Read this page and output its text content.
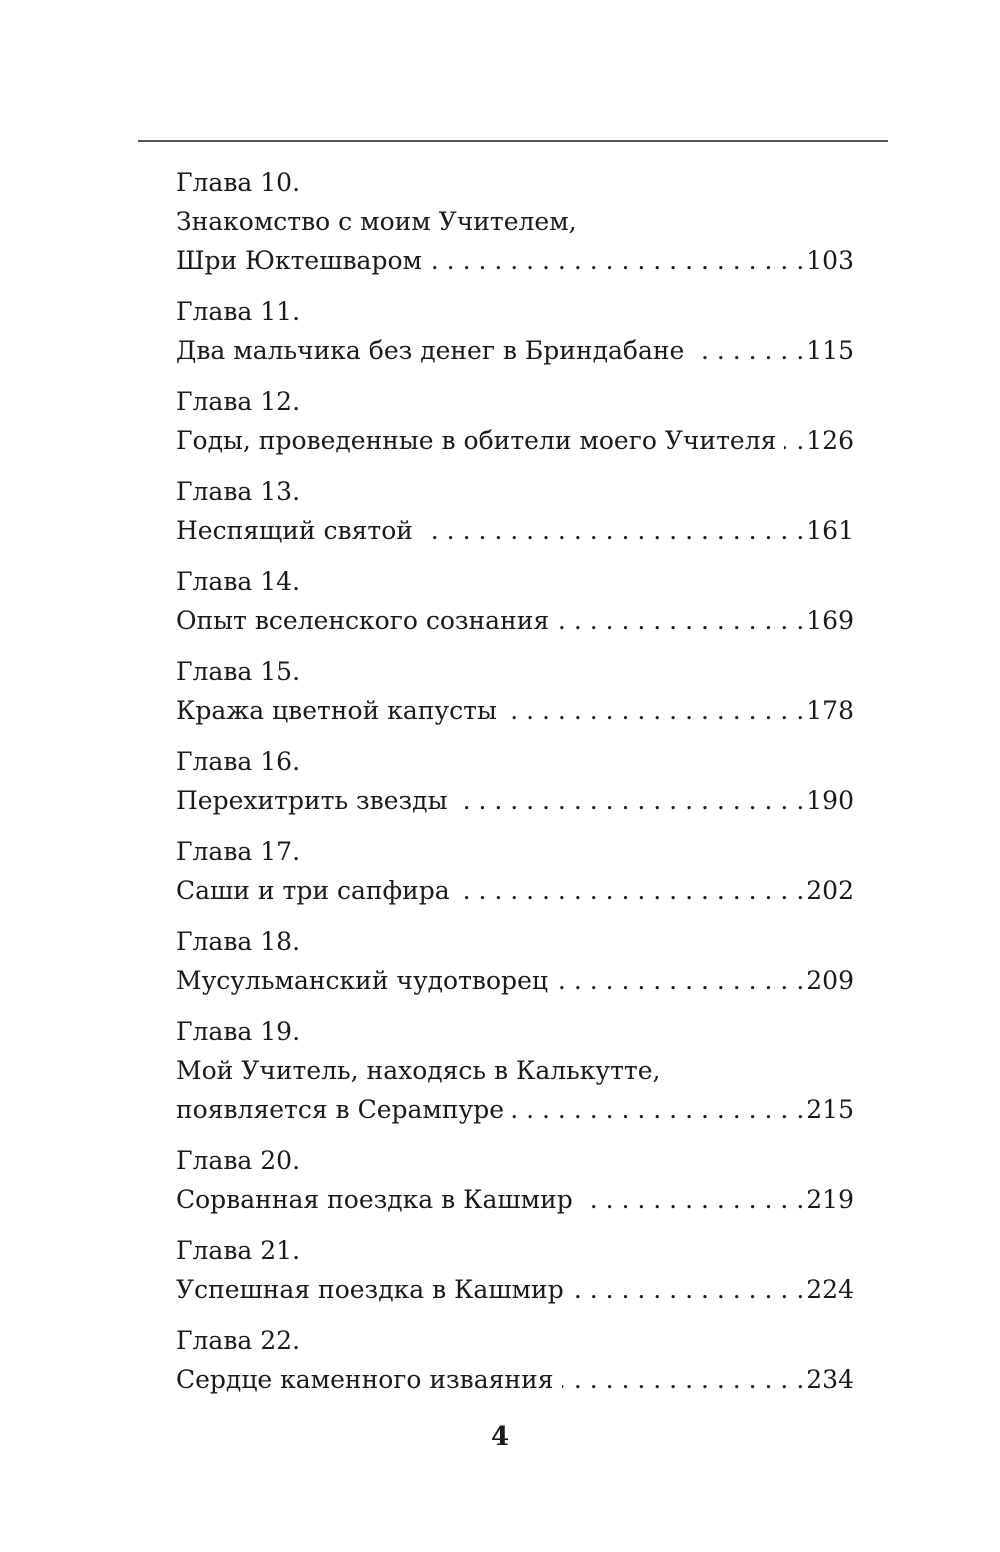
Глава 10.
Знакомство с моим Учителем,
Шри Юктешваром . . .	103
Глава 11.
Два мальчика без денег в Бриндабане . . .	115
Глава 12.
Годы, проведенные в обители моего Учителя . . . 126
Глава 13.
Неспящий святой . . .	161
Глава 14.
Опыт вселенского сознания . . .	169
Глава 15.
Кража цветной капусты . . .	178
Глава 16.
Перехитрить звезды . . .	190
Глава 17.
Саши и три сапфира . . .	202
Глава 18.
Мусульманский чудотворец . . .	209
Глава 19.
Мой Учитель, находясь в Калькутте,
появляется в Серампуре . . .	215
Глава 20.
Сорванная поездка в Кашмир . . .	219
Глава 21.
Успешная поездка в Кашмир . . .	224
Глава 22.
Сердце каменного изваяния . . .	234
4
